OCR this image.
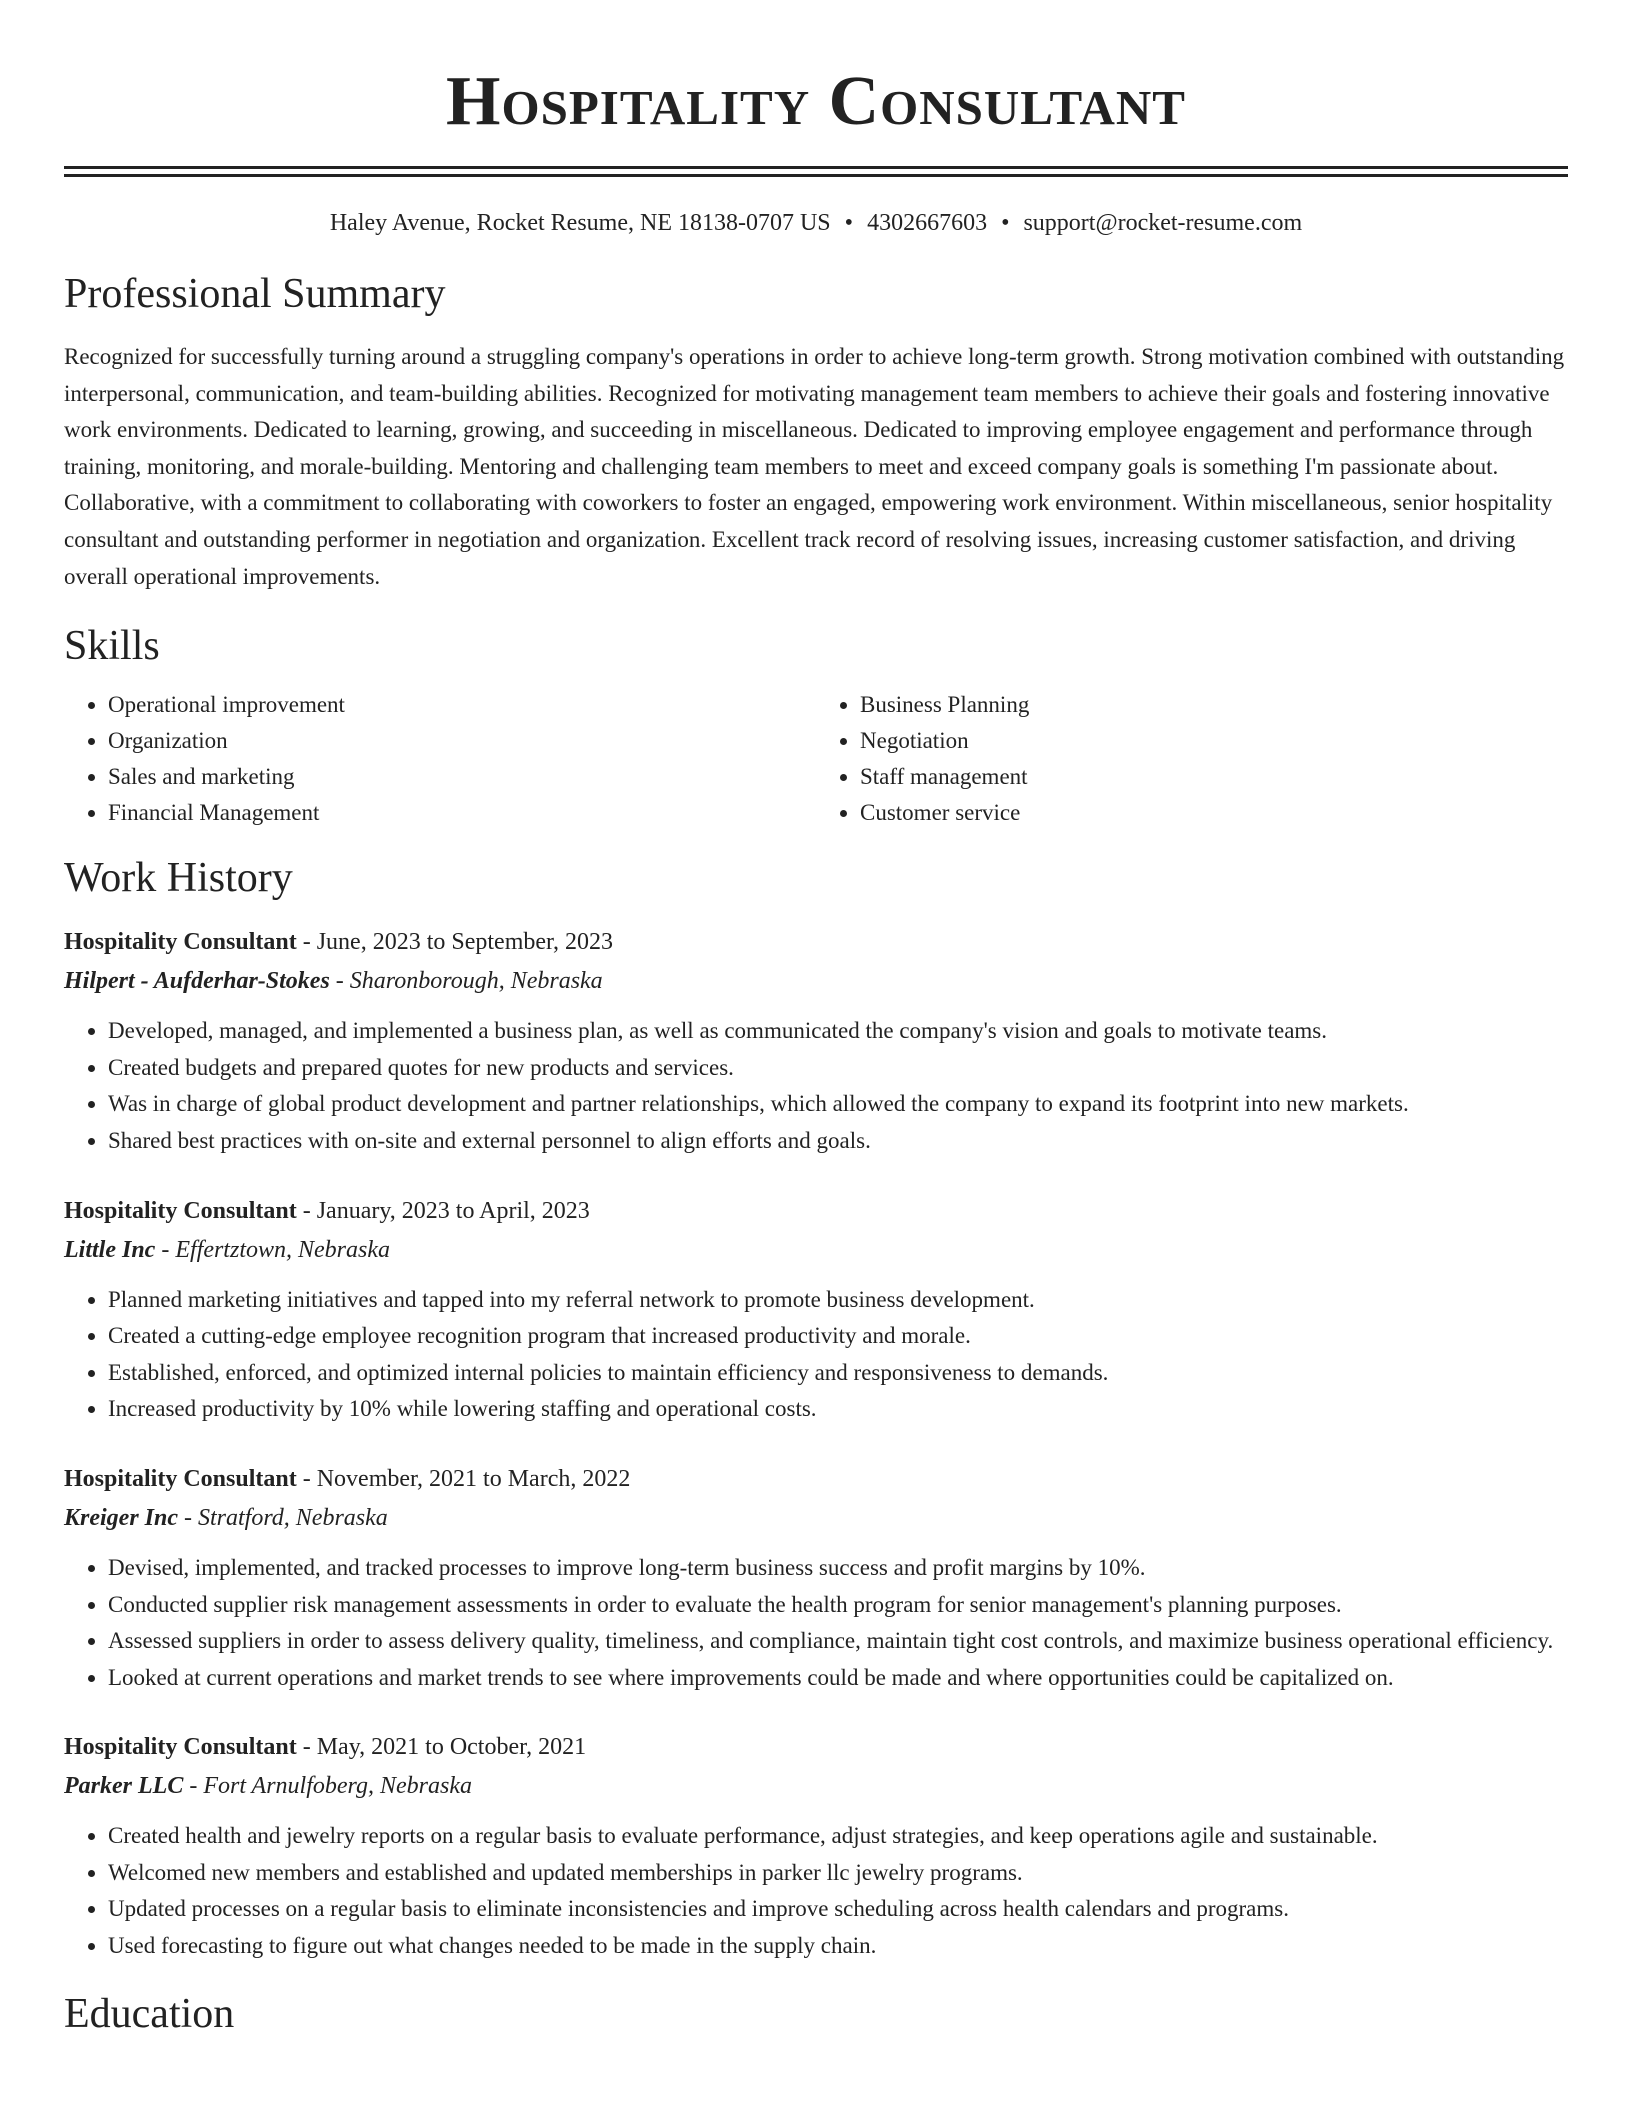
Hospitality Consultant
Haley Avenue, Rocket Resume, NE 18138-0707 US • 4302667603 • support@rocket-resume.com
Professional Summary

Recognized for successfully turning around a struggling company's operations in order to achieve long-term growth. Strong motivation combined with outstanding interpersonal, communication, and team-building abilities. Recognized for motivating management team members to achieve their goals and fostering innovative work environments. Dedicated to learning, growing, and succeeding in miscellaneous. Dedicated to improving employee engagement and performance through training, monitoring, and morale-building. Mentoring and challenging team members to meet and exceed company goals is something I'm passionate about. Collaborative, with a commitment to collaborating with coworkers to foster an engaged, empowering work environment. Within miscellaneous, senior hospitality consultant and outstanding performer in negotiation and organization. Excellent track record of resolving issues, increasing customer satisfaction, and driving overall operational improvements.

Skills
• Operational improvement
• Organization
• Sales and marketing
• Financial Management
• Business Planning
• Negotiation
• Staff management
• Customer service
Work History
Hospitality Consultant - June, 2023 to September, 2023
Hilpert - Aufderhar-Stokes - Sharonborough, Nebraska
• Developed, managed, and implemented a business plan, as well as communicated the company's vision and goals to motivate teams.
• Created budgets and prepared quotes for new products and services.
• Was in charge of global product development and partner relationships, which allowed the company to expand its footprint into new markets.
• Shared best practices with on-site and external personnel to align efforts and goals.
Hospitality Consultant - January, 2023 to April, 2023
Little Inc - Effertztown, Nebraska
• Planned marketing initiatives and tapped into my referral network to promote business development.
• Created a cutting-edge employee recognition program that increased productivity and morale.
• Established, enforced, and optimized internal policies to maintain efficiency and responsiveness to demands.
• Increased productivity by 10% while lowering staffing and operational costs.
Hospitality Consultant - November, 2021 to March, 2022
Kreiger Inc - Stratford, Nebraska
• Devised, implemented, and tracked processes to improve long-term business success and profit margins by 10%.
• Conducted supplier risk management assessments in order to evaluate the health program for senior management's planning purposes.
• Assessed suppliers in order to assess delivery quality, timeliness, and compliance, maintain tight cost controls, and maximize business operational efficiency.
• Looked at current operations and market trends to see where improvements could be made and where opportunities could be capitalized on.
Hospitality Consultant - May, 2021 to October, 2021
Parker LLC - Fort Arnulfoberg, Nebraska
• Created health and jewelry reports on a regular basis to evaluate performance, adjust strategies, and keep operations agile and sustainable.
• Welcomed new members and established and updated memberships in parker llc jewelry programs.
• Updated processes on a regular basis to eliminate inconsistencies and improve scheduling across health calendars and programs.
• Used forecasting to figure out what changes needed to be made in the supply chain.
Education
